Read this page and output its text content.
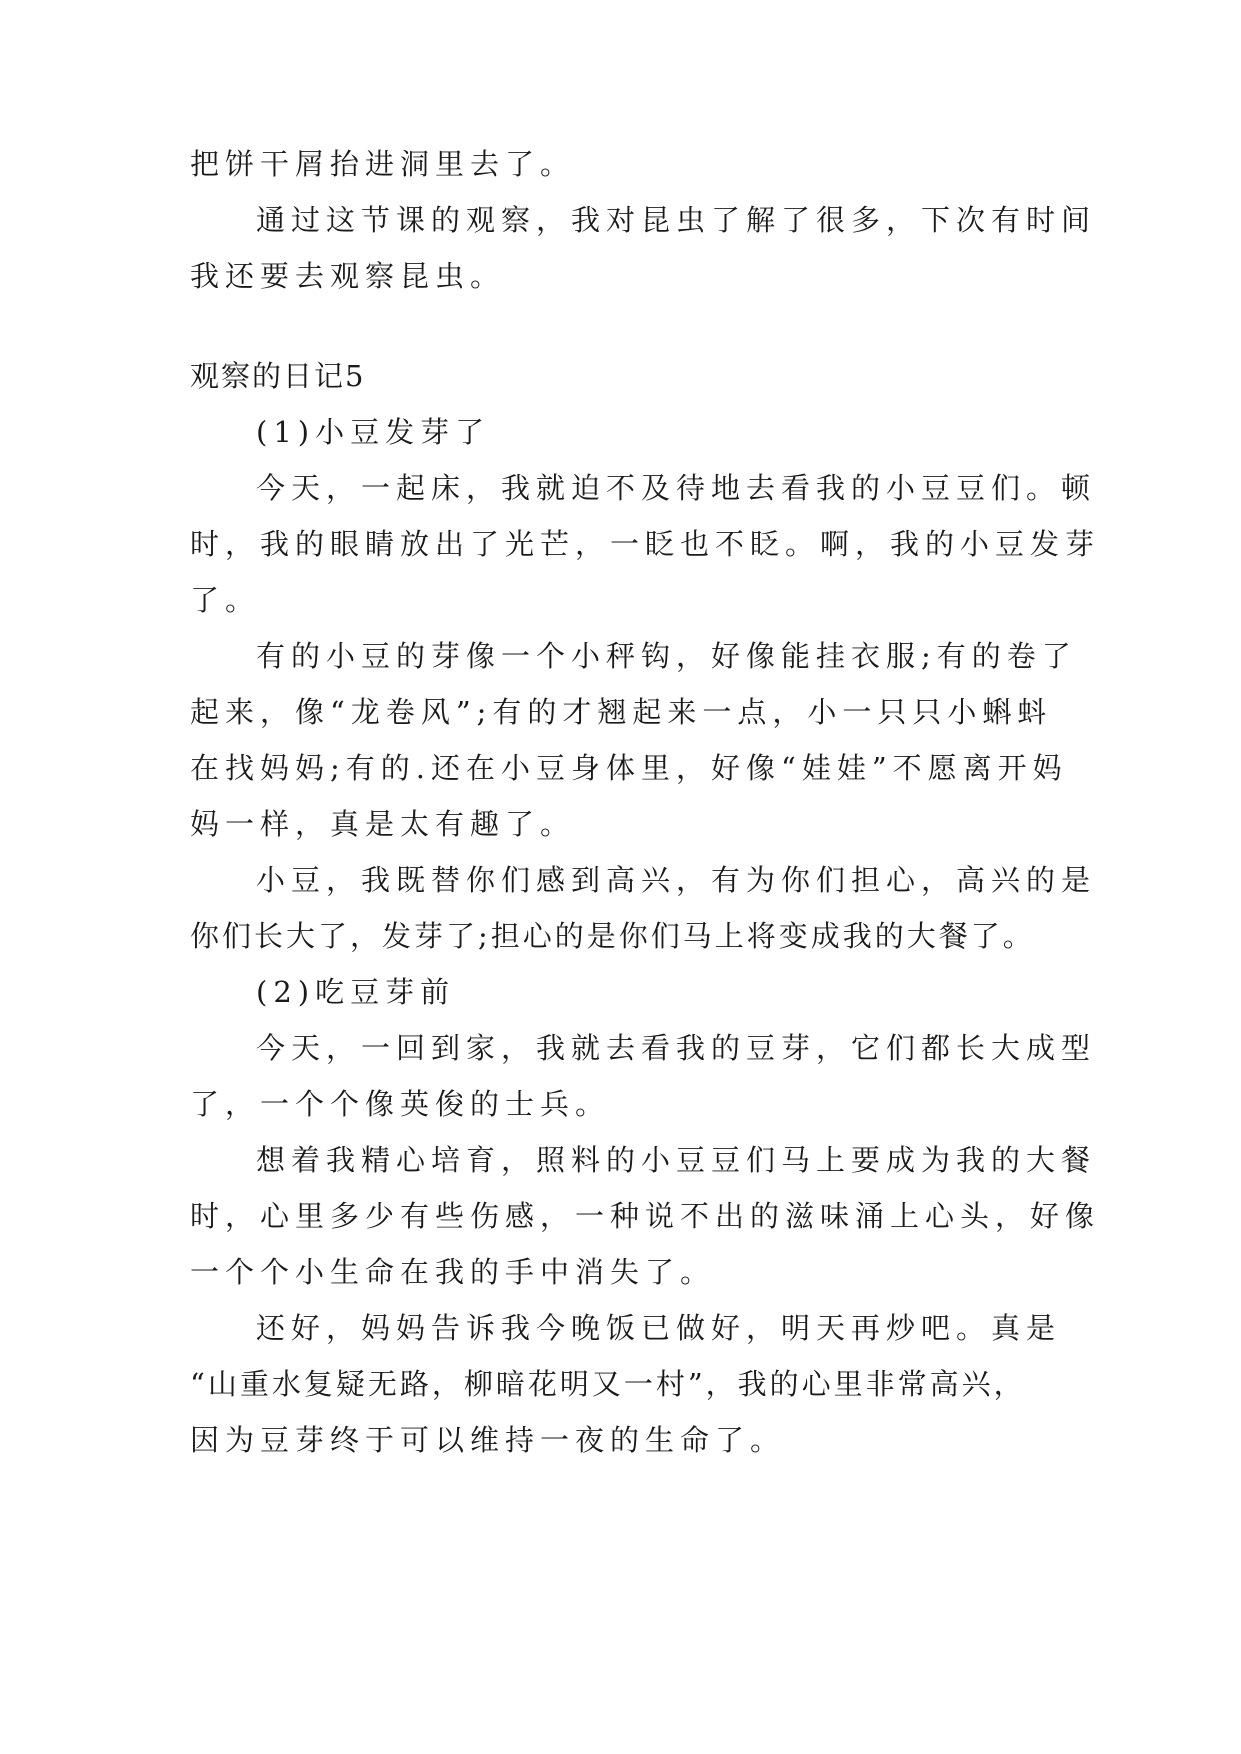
把饼干屑抬进洞里去了。

通过这节课的观察，我对昆虫了解了很多，下次有时间

我还要去观察昆虫。

观察的日记5

(1)小豆发芽了

今天，一起床，我就迫不及待地去看我的小豆豆们。顿

时，我的眼睛放出了光芒，一眨也不眨。啊，我的小豆发芽

了。

有的小豆的芽像一个小秤钩，好像能挂衣服;有的卷了

起来，像“龙卷风”;有的才翘起来一点，小一只只小蝌蚪

在找妈妈;有的.还在小豆身体里，好像“娃娃”不愿离开妈

妈一样，真是太有趣了。

小豆，我既替你们感到高兴，有为你们担心，高兴的是

你们长大了，发芽了;担心的是你们马上将变成我的大餐了。

(2)吃豆芽前

今天，一回到家，我就去看我的豆芽，它们都长大成型

了，一个个像英俊的士兵。

想着我精心培育，照料的小豆豆们马上要成为我的大餐

时，心里多少有些伤感，一种说不出的滋味涌上心头，好像

一个个小生命在我的手中消失了。

还好，妈妈告诉我今晚饭已做好，明天再炒吧。真是

“山重水复疑无路，柳暗花明又一村”，我的心里非常高兴，

因为豆芽终于可以维持一夜的生命了。
